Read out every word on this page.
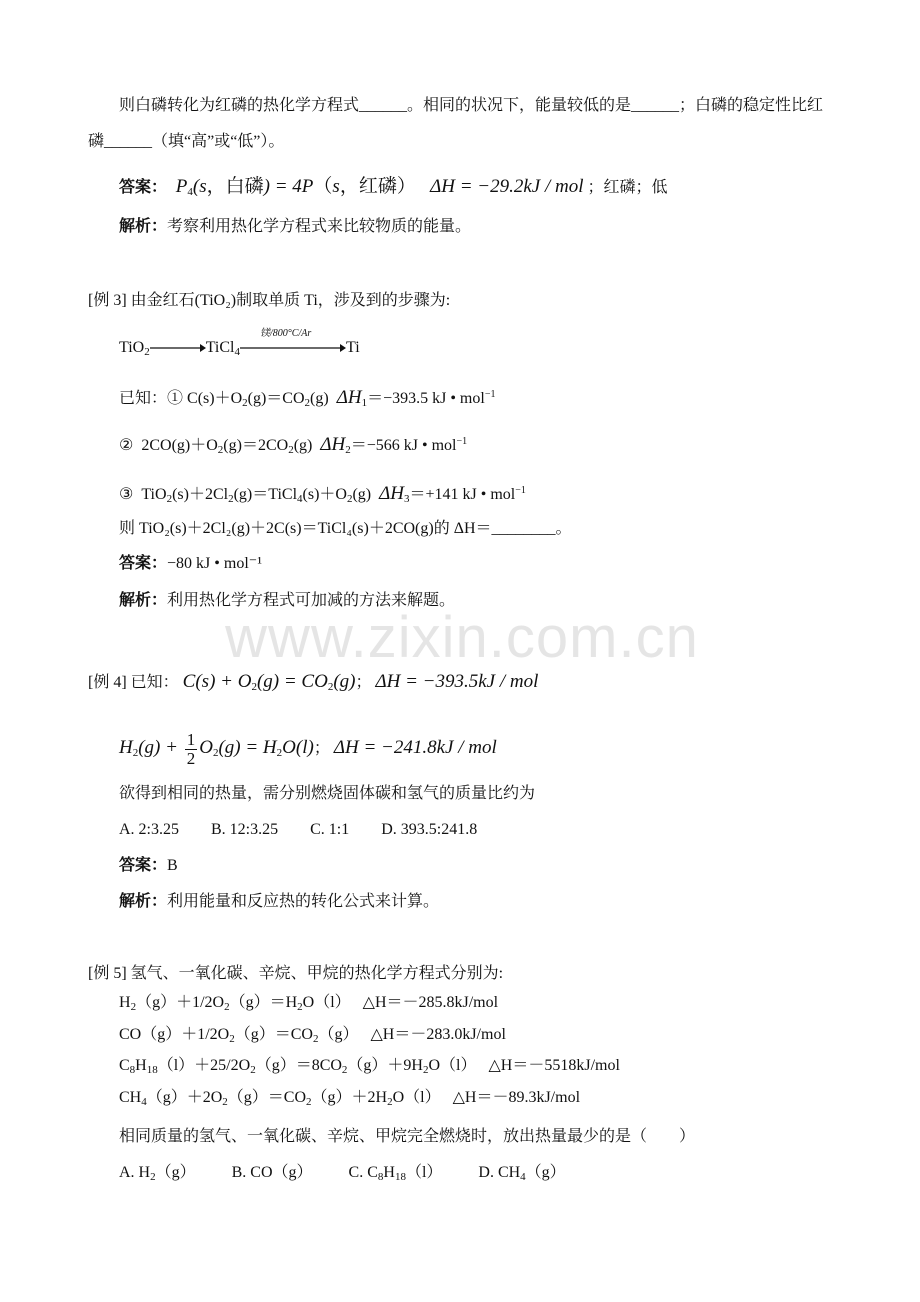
www.zixin.com.cn
则白磷转化为红磷的热化学方程式______。相同的状况下，能量较低的是______；白磷的稳定性比红
磷______（填“高”或“低”）。
答案：  $P_4(s$，白磷) = 4P（s，红磷）   ΔH = −29.2kJ / mol ；红磷；低
解析：考察利用热化学方程式来比较物质的能量。
[例 3] 由金红石(TiO₂)制取单质 Ti，涉及到的步骤为:
TiO$_2$→TiCl$_4$
镁/800°C/Ar
Ti
已知：① $C(s)+O_2(g)=CO_2(g)$  $\Delta H_1=-393.5$ kJ • mol$^{-1}$
②  $2CO(g)+O_2(g)=2CO_2(g)$  $\Delta H_2=-566$ kJ • mol$^{-1}$
③  $TiO_2(s)+2Cl_2(g)=TiCl_4(s)+O_2(g)$  $\Delta H_3=+141$ kJ • mol$^{-1}$
则 TiO₂(s)＋2Cl₂(g)＋2C(s)＝TiCl₄(s)＋2CO(g)的 ΔH＝________。
答案：−80 kJ • mol⁻¹
解析：利用热化学方程式可加减的方法来解题。
[例 4] 已知： $C(s) + O_2(g) = CO_2(g)$； ΔH = −393.5kJ / mol
$H_2(g) + \frac{1}{2} O_2(g) = H_2O(l)$； ΔH = −241.8kJ / mol
欲得到相同的热量，需分别燃烧固体碳和氢气的质量比约为
A. 2:3.25 B. 12:3.25 C. 1:1 D. 393.5:241.8
答案：B
解析：利用能量和反应热的转化公式来计算。
[例 5] 氢气、一氧化碳、辛烷、甲烷的热化学方程式分别为:
$H_2(g)+1/2O_2(g)=H_2O(l)$   △H＝－285.8kJ/mol
$CO(g)+1/2O_2(g)=CO_2(g)$   △H＝－283.0kJ/mol
$C_8H_{18}(l)+25/2O_2(g)=8CO_2(g)+9H_2O(l)$   △H＝－5518kJ/mol
$CH_4(g)+2O_2(g)=CO_2(g)+2H_2O(l)$   △H＝－89.3kJ/mol
相同质量的氢气、一氧化碳、辛烷、甲烷完全燃烧时，放出热量最少的是（　　）
A. $H_2(g)$ B. CO（g） C. $C_8H_{18}(l)$ D. $CH_4(g)$
